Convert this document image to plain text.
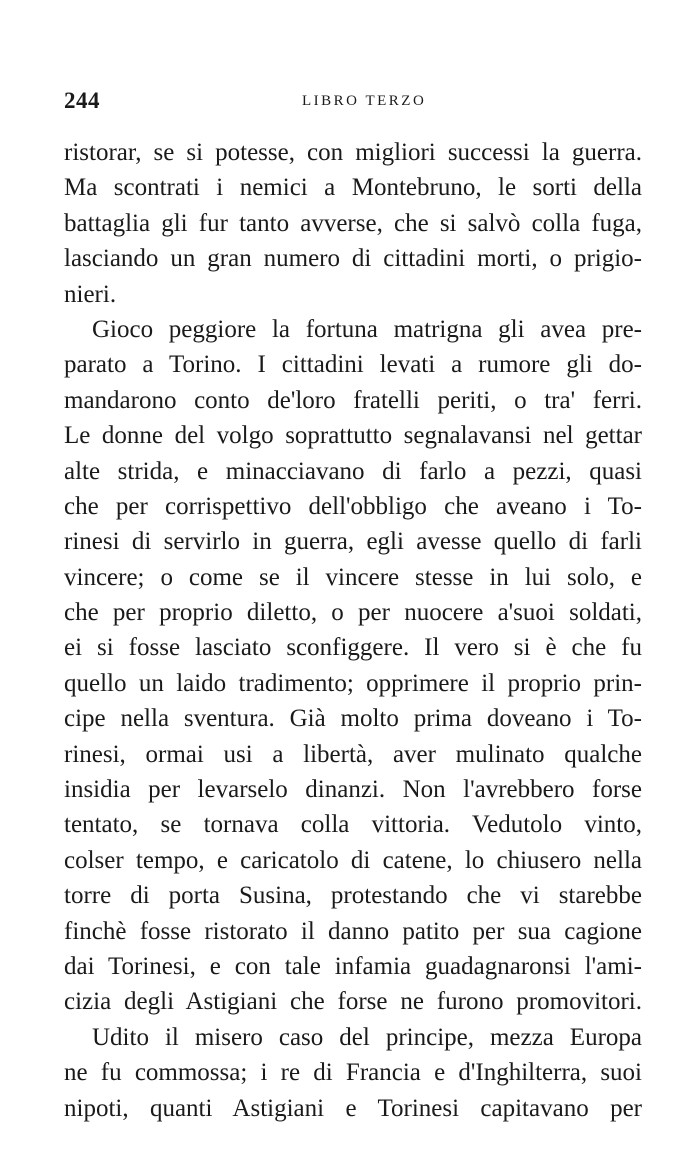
244	LIBRO TERZO
ristorar, se si potesse, con migliori successi la guerra.
Ma scontrati i nemici a Montebruno, le sorti della
battaglia gli fur tanto avverse, che si salvò colla fuga,
lasciando un gran numero di cittadini morti, o prigio-
nieri.
Gioco peggiore la fortuna matrigna gli avea pre-
parato a Torino. I cittadini levati a rumore gli do-
mandarono conto de'loro fratelli periti, o tra' ferri.
Le donne del volgo soprattutto segnalavansi nel gettar
alte strida, e minacciavano di farlo a pezzi, quasi
che per corrispettivo dell'obbligo che aveano i To-
rinesi di servirlo in guerra, egli avesse quello di farli
vincere; o come se il vincere stesse in lui solo, e
che per proprio diletto, o per nuocere a'suoi soldati,
ei si fosse lasciato sconfiggere. Il vero si è che fu
quello un laido tradimento; opprimere il proprio prin-
cipe nella sventura. Già molto prima doveano i To-
rinesi, ormai usi a libertà, aver mulinato qualche
insidia per levarselo dinanzi. Non l'avrebbero forse
tentato, se tornava colla vittoria. Vedutolo vinto,
colser tempo, e caricatolo di catene, lo chiusero nella
torre di porta Susina, protestando che vi starebbe
finchè fosse ristorato il danno patito per sua cagione
dai Torinesi, e con tale infamia guadagnaronsi l'ami-
cizia degli Astigiani che forse ne furono promovitori.
Udito il misero caso del principe, mezza Europa
ne fu commossa; i re di Francia e d'Inghilterra, suoi
nipoti, quanti Astigiani e Torinesi capitavano per
